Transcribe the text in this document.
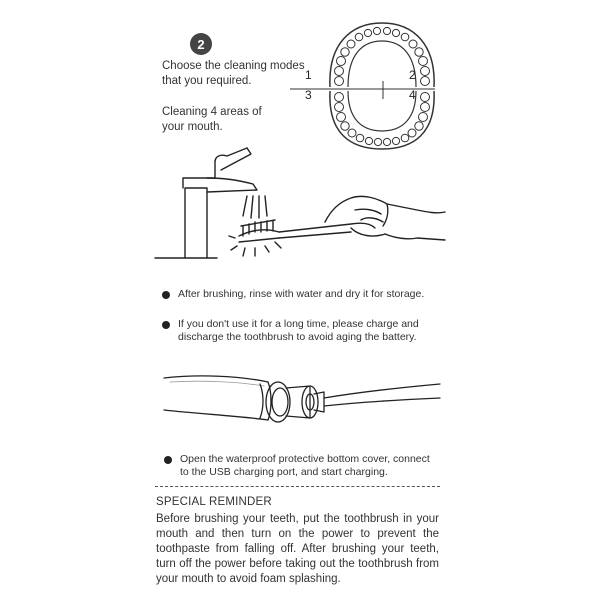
2
Choose the cleaning modes
that you required.
Cleaning 4 areas of
your mouth.
1	2
3	4
After brushing, rinse with water and dry it for storage.
If you don't use it for a long time, please charge and
discharge the toothbrush to avoid aging the battery.
Open the waterproof protective bottom cover, connect
to the USB charging port, and start charging.
SPECIAL REMINDER
Before brushing your teeth, put the toothbrush in your mouth and then turn on the power to prevent the toothpaste from falling off. After brushing your teeth, turn off the power before taking out the toothbrush from your mouth to avoid foam splashing.
